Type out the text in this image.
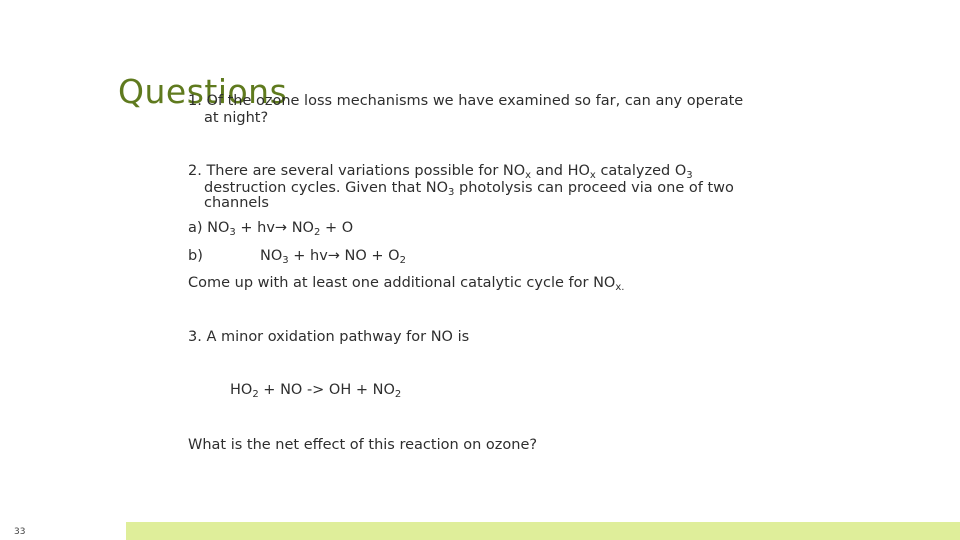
Questions
1. Of the ozone loss mechanisms we have examined so far, can any operate
at night?
2. There are several variations possible for $NO_x$ and $HO_x$ catalyzed $O_3$
destruction cycles. Given that $NO_3$ photolysis can proceed via one of two
channels
a) $NO_3 + hv\to NO_2 + O$
b)	$NO_3 + hv\to$ NO + $O_2$
Come up with at least one additional catalytic cycle for $NO_{x.}$
3. A minor oxidation pathway for NO is
$HO_2$ + NO -> OH + $NO_2$
What is the net effect of this reaction on ozone?
33
